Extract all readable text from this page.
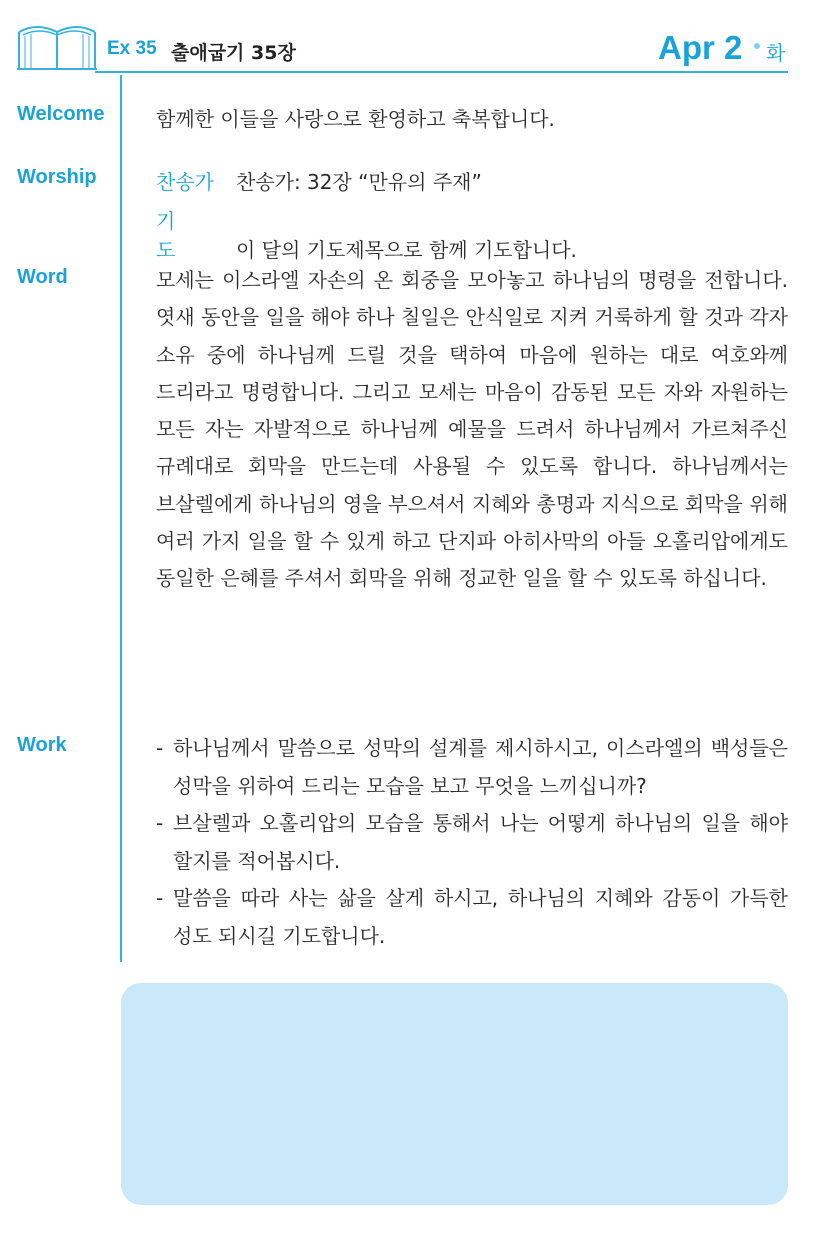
Ex 35 출애굽기 35장	Apr 2 화
Welcome	함께한 이들을 사랑으로 환영하고 축복합니다.
Worship	찬송가 찬송가: 32장 “만유의 주재”
기도 이 달의 기도제목으로 함께 기도합니다.
Word	모세는 이스라엘 자손의 온 회중을 모아놓고 하나님의 명령을 전합니다. 엿새 동안을 일을 해야 하나 칠일은 안식일로 지켜 거룩하게 할 것과 각자 소유 중에 하나님께 드릴 것을 택하여 마음에 원하는 대로 여호와께 드리라고 명령합니다. 그리고 모세는 마음이 감동된 모든 자와 자원하는 모든 자는 자발적으로 하나님께 예물을 드려서 하나님께서 가르쳐주신 규례대로 회막을 만드는데 사용될 수 있도록 합니다. 하나님께서는 브살렐에게 하나님의 영을 부으셔서 지혜와 총명과 지식으로 회막을 위해 여러 가지 일을 할 수 있게 하고 단지파 아히사막의 아들 오홀리압에게도 동일한 은혜를 주셔서 회막을 위해 정교한 일을 할 수 있도록 하십니다.
Work	- 하나님께서 말씀으로 성막의 설계를 제시하시고, 이스라엘의 백성들은 성막을 위하여 드리는 모습을 보고 무엇을 느끼십니까?
- 브살렐과 오홀리압의 모습을 통해서 나는 어떻게 하나님의 일을 해야 할지를 적어봅시다.
- 말씀을 따라 사는 삶을 살게 하시고, 하나님의 지혜와 감동이 가득한 성도 되시길 기도합니다.
